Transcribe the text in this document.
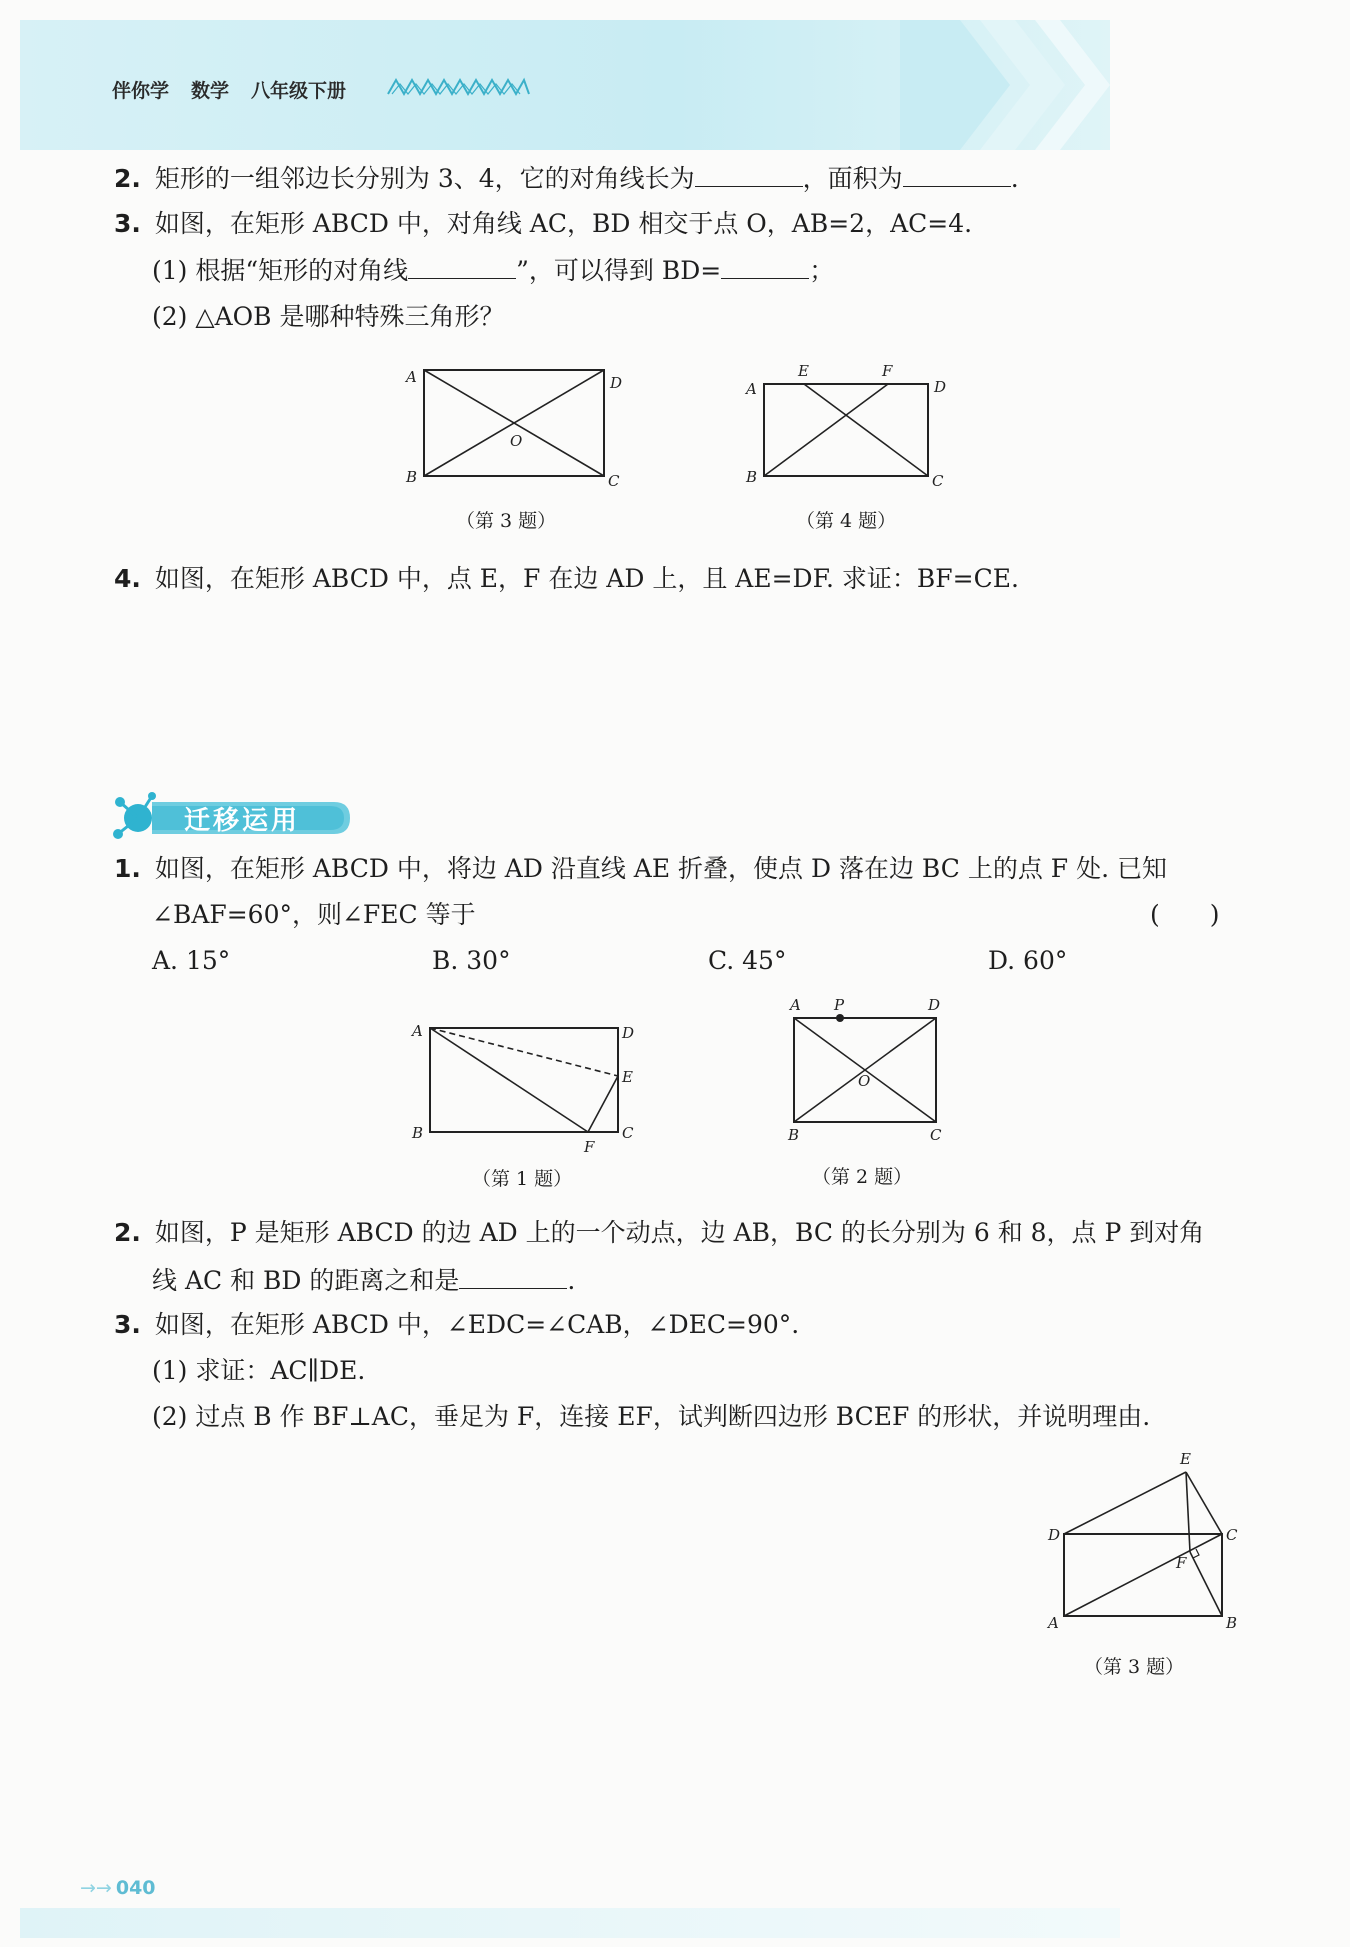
伴你学 数学 八年级下册
2. 矩形的一组邻边长分别为 3、4，它的对角线长为	，面积为	.
3. 如图，在矩形 ABCD 中，对角线 AC，BD 相交于点 O，AB=2，AC=4.
(1) 根据“矩形的对角线	”，可以得到 BD=	；
(2) △AOB 是哪种特殊三角形？
A	D
B	C
O
（第 3 题）
A
E	F
D
B	C
（第 4 题）
4. 如图，在矩形 ABCD 中，点 E，F 在边 AD 上，且 AE=DF. 求证：BF=CE.
迁移运用
1. 如图，在矩形 ABCD 中，将边 AD 沿直线 AE 折叠，使点 D 落在边 BC 上的点 F 处. 已知
∠BAF=60°，则∠FEC 等于	(　　)
A. 15°	B. 30°	C. 45°	D. 60°
A	D
E
B	C
F
（第 1 题）
A P	D
O
B	C
（第 2 题）
2. 如图，P 是矩形 ABCD 的边 AD 上的一个动点，边 AB，BC 的长分别为 6 和 8，点 P 到对角
线 AC 和 BD 的距离之和是	.
3. 如图，在矩形 ABCD 中，∠EDC=∠CAB，∠DEC=90°.
(1) 求证：AC∥DE.
(2) 过点 B 作 BF⊥AC，垂足为 F，连接 EF，试判断四边形 BCEF 的形状，并说明理由.
E
D	C
F
A	B
（第 3 题）
→→ 040
